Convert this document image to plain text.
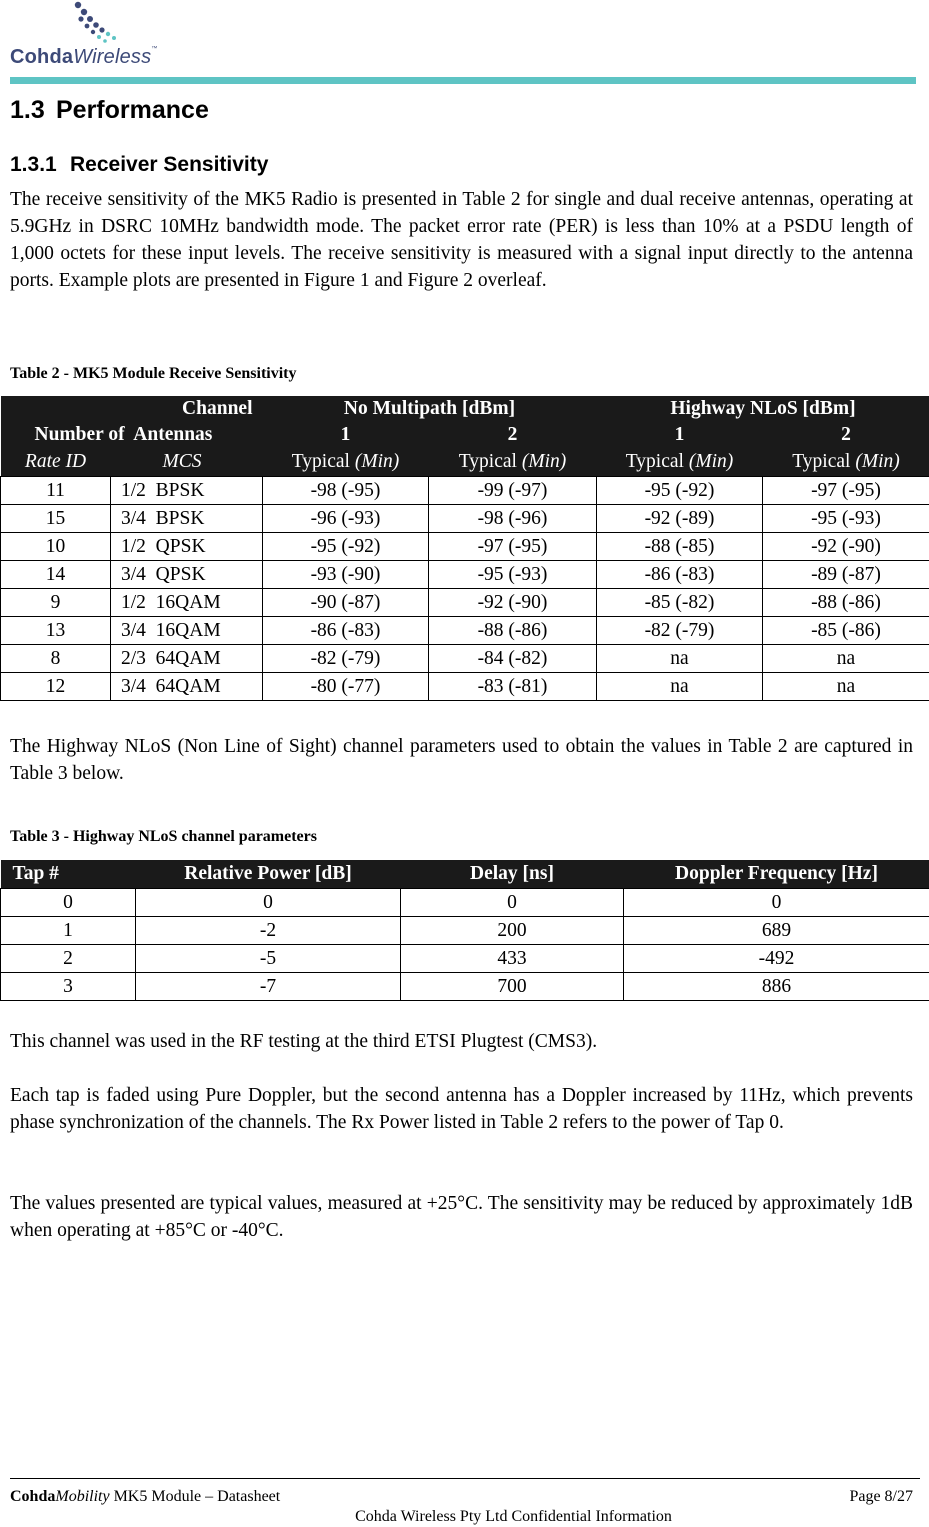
CohdaWireless™
1.3 Performance
1.3.1 Receiver Sensitivity

The receive sensitivity of the MK5 Radio is presented in Table 2 for single and dual receive antennas, operating at 5.9GHz in DSRC 10MHz bandwidth mode. The packet error rate (PER) is less than 10% at a PSDU length of 1,000 octets for these input levels. The receive sensitivity is measured with a signal input directly to the antenna ports. Example plots are presented in Figure 1 and Figure 2 overleaf.

Table 2 - MK5 Module Receive Sensitivity

	Channel	No Multipath [dBm]		Highway NLoS [dBm]	
Number of Antennas		1	2	1	2
Rate ID	MCS	Typical (Min)	Typical (Min)	Typical (Min)	Typical (Min)
11	1/2  BPSK	-98 (-95)	-99 (-97)	-95 (-92)	-97 (-95)
15	3/4  BPSK	-96 (-93)	-98 (-96)	-92 (-89)	-95 (-93)
10	1/2  QPSK	-95 (-92)	-97 (-95)	-88 (-85)	-92 (-90)
14	3/4  QPSK	-93 (-90)	-95 (-93)	-86 (-83)	-89 (-87)
9	1/2  16QAM	-90 (-87)	-92 (-90)	-85 (-82)	-88 (-86)
13	3/4  16QAM	-86 (-83)	-88 (-86)	-82 (-79)	-85 (-86)
8	2/3  64QAM	-82 (-79)	-84 (-82)	na	na
12	3/4  64QAM	-80 (-77)	-83 (-81)	na	na

The Highway NLoS (Non Line of Sight) channel parameters used to obtain the values in Table 2 are captured in Table 3 below.

Table 3 - Highway NLoS channel parameters

Tap #	Relative Power [dB]	Delay [ns]	Doppler Frequency [Hz]
0	0	0	0
1	-2	200	689
2	-5	433	-492
3	-7	700	886

This channel was used in the RF testing at the third ETSI Plugtest (CMS3).

Each tap is faded using Pure Doppler, but the second antenna has a Doppler increased by 11Hz, which prevents phase synchronization of the channels. The Rx Power listed in Table 2 refers to the power of Tap 0.

The values presented are typical values, measured at +25°C. The sensitivity may be reduced by approximately 1dB when operating at +85°C or -40°C.

CohdaMobility MK5 Module – Datasheet	Page 8/27
Cohda Wireless Pty Ltd Confidential Information
